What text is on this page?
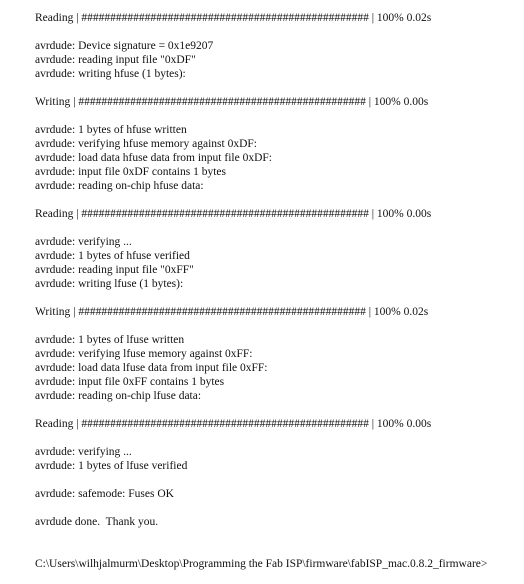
Reading | ################################################## | 100% 0.02s
avrdude: Device signature = 0x1e9207
avrdude: reading input file "0xDF"
avrdude: writing hfuse (1 bytes):
Writing | ################################################## | 100% 0.00s
avrdude: 1 bytes of hfuse written
avrdude: verifying hfuse memory against 0xDF:
avrdude: load data hfuse data from input file 0xDF:
avrdude: input file 0xDF contains 1 bytes
avrdude: reading on-chip hfuse data:
Reading | ################################################## | 100% 0.00s
avrdude: verifying ...
avrdude: 1 bytes of hfuse verified
avrdude: reading input file "0xFF"
avrdude: writing lfuse (1 bytes):
Writing | ################################################## | 100% 0.02s
avrdude: 1 bytes of lfuse written
avrdude: verifying lfuse memory against 0xFF:
avrdude: load data lfuse data from input file 0xFF:
avrdude: input file 0xFF contains 1 bytes
avrdude: reading on-chip lfuse data:
Reading | ################################################## | 100% 0.00s
avrdude: verifying ...
avrdude: 1 bytes of lfuse verified
avrdude: safemode: Fuses OK
avrdude done.  Thank you.
C:\Users\wilhjalmurm\Desktop\Programming the Fab ISP\firmware\fabISP_mac.0.8.2_firmware>
